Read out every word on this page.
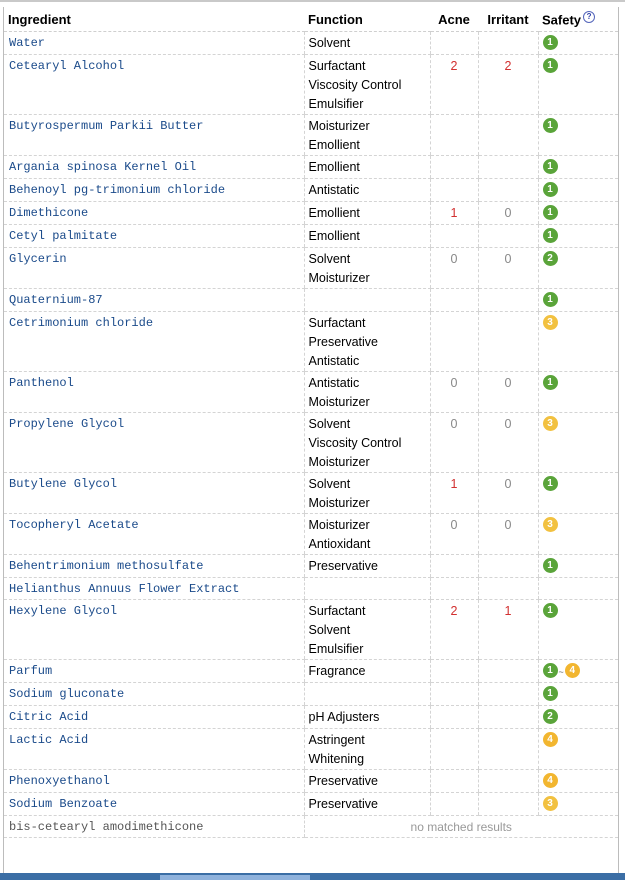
Ingredient	Function	Acne	Irritant	Safety ?
Water	Solvent			1
Cetearyl Alcohol	Surfactant
Viscosity Control
Emulsifier	2	2	1
Butyrospermum Parkii Butter	Moisturizer
Emollient			1
Argania spinosa Kernel Oil	Emollient			1
Behenoyl pg-trimonium chloride	Antistatic			1
Dimethicone	Emollient	1	0	1
Cetyl palmitate	Emollient			1
Glycerin	Solvent
Moisturizer	0	0	2
Quaternium-87				1
Cetrimonium chloride	Surfactant
Preservative
Antistatic			3
Panthenol	Antistatic
Moisturizer	0	0	1
Propylene Glycol	Solvent
Viscosity Control
Moisturizer	0	0	3
Butylene Glycol	Solvent
Moisturizer	1	0	1
Tocopheryl Acetate	Moisturizer
Antioxidant	0	0	3
Behentrimonium methosulfate	Preservative			1
Helianthus Annuus Flower Extract				
Hexylene Glycol	Surfactant
Solvent
Emulsifier	2	1	1
Parfum	Fragrance			1 ~ 4
Sodium gluconate				1
Citric Acid	pH Adjusters			2
Lactic Acid	Astringent
Whitening			4
Phenoxyethanol	Preservative			4
Sodium Benzoate	Preservative			3
bis-cetearyl amodimethicone	no matched results			
